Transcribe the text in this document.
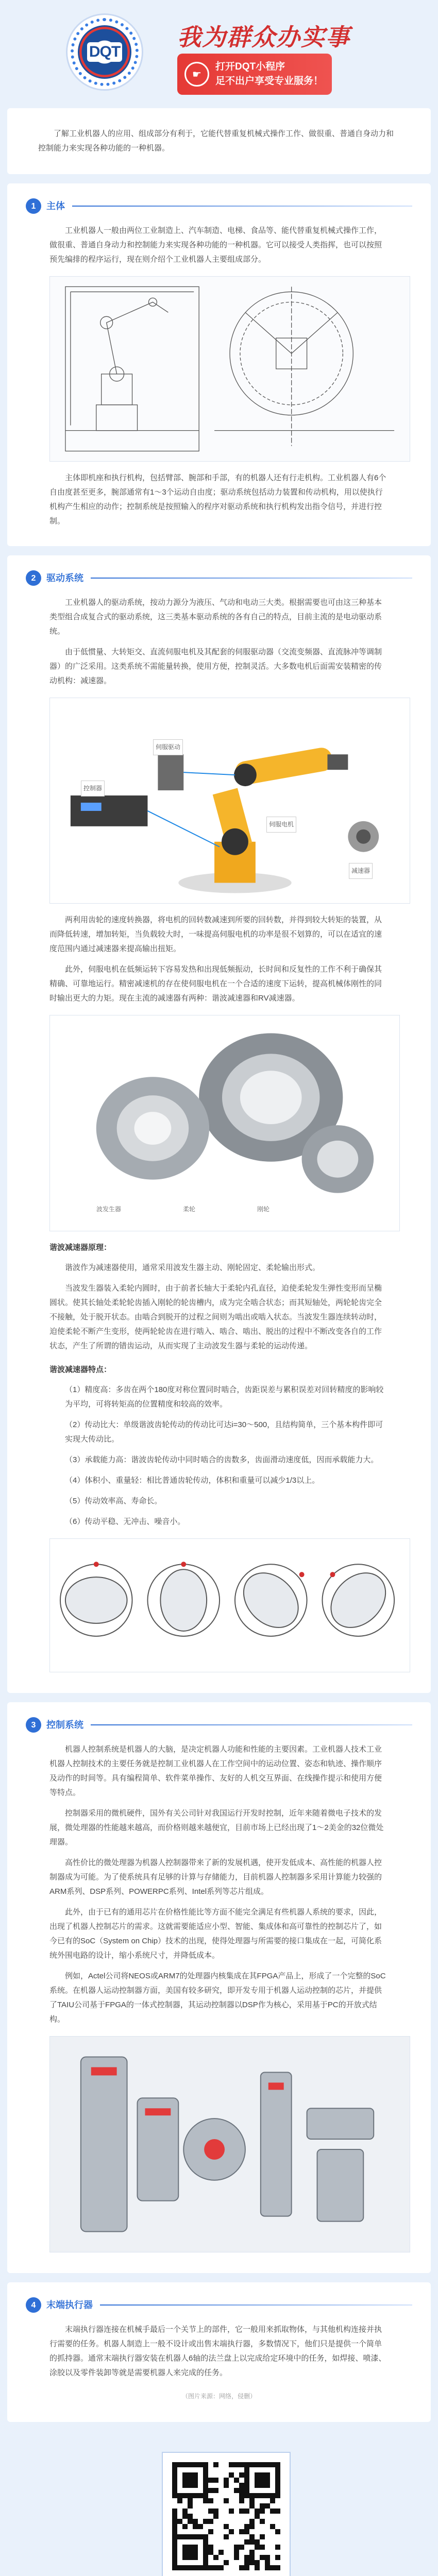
DQT
我为群众办实事
☛
打开DQT小程序
足不出户享受专业服务！

了解工业机器人的应用、组成部分有利于，它能代替重复机械式操作工作、做很重、普通自身动力和控制能力来实现各种功能的一种机器。

1	主体

工业机器人一般由两位工业制造上、汽车制造、电梯、食品等、能代替重复机械式操作工作，做很重、普通自身动力和控制能力来实现各种功能的一种机器。它可以接受人类指挥，也可以按照预先编排的程序运行，现在则介绍个工业机器人主要组成部分。

主体即机座和执行机构，包括臂部、腕部和手部，有的机器人还有行走机构。工业机器人有6个自由度甚至更多，腕部通常有1～3个运动自由度；驱动系统包括动力装置和传动机构，用以使执行机构产生相应的动作；控制系统是按照输入的程序对驱动系统和执行机构发出指令信号，并进行控制。

2	驱动系统

工业机器人的驱动系统，按动力源分为液压、气动和电动三大类。根据需要也可由这三种基本类型组合成复合式的驱动系统，这三类基本驱动系统的各有自己的特点，目前主流的是电动驱动系统。

由于低惯量、大转矩交、直流伺服电机及其配套的伺服驱动器（交流变频器、直流脉冲等调制器）的广泛采用。这类系统不需能量转换，使用方便，控制灵活。大多数电机后面需安装精密的传动机构：减速器。

控制器
伺服驱动
伺服电机
减速器

两利用齿轮的速度转换器，将电机的回转数减速到所要的回转数，并得到较大转矩的装置，从而降低转速，增加转矩，当负载较大时，一味提高伺服电机的功率是很不划算的，可以在适宜的速度范围内通过减速器来提高输出扭矩。

此外，伺服电机在低频运转下容易发热和出现低频振动，长时间和反复性的工作不利于确保其精确、可靠地运行。精密减速机的存在使伺服电机在一个合适的速度下运转，提高机械体刚性的同时输出更大的力矩。现在主流的减速器有两种：谐波减速器和RV减速器。

波发生器	柔轮	刚轮
谐波减速器原理：

谐波作为减速器使用，通常采用波发生器主动、刚轮固定、柔轮输出形式。

当波发生器装入柔轮内圆时，由于前者长轴大于柔轮内孔直径，迫使柔轮发生弹性变形而呈椭圆状。使其长轴处柔轮轮齿插入刚轮的轮齿槽内，成为完全啮合状态；而其短轴处，两轮轮齿完全不接触，处于脱开状态。由啮合到脱开的过程之间则为啮出或啮入状态。当波发生器连续转动时，迫使柔轮不断产生变形，使两轮轮齿在进行啮入、啮合、啮出、脱出的过程中不断改变各自的工作状态，产生了所谓的错齿运动，从而实现了主动波发生器与柔轮的运动传递。

谐波减速器特点：

（1）精度高：多齿在两个180度对称位置同时啮合，齿距误差与累积误差对回转精度的影响较为平均，可将转矩高的位置精度和较高的效率。

（2）传动比大：单级谐波齿轮传动的传动比可达i=30～500，且结构简单，三个基本构件即可实现大传动比。

（3）承载能力高：谐波齿轮传动中同时啮合的齿数多，齿面滑动速度低，因而承载能力大。

（4）体积小、重量轻：相比普通齿轮传动，体积和重量可以减少1/3以上。

（5）传动效率高、寿命长。

（6）传动平稳、无冲击、噪音小。

3	控制系统

机器人控制系统是机器人的大脑，是决定机器人功能和性能的主要因素。工业机器人技术工业机器人控制技术的主要任务就是控制工业机器人在工作空间中的运动位置、姿态和轨迹、操作顺序及动作的时间等。具有编程简单、软件菜单操作、友好的人机交互界面、在线操作提示和使用方便等特点。

控制器采用的微机硬件，国外有关公司针对我国运行开发时控制，近年来随着微电子技术的发展，微处理器的性能越来越高，而价格则越来越便宜，目前市场上已经出现了1～2美金的32位微处理器。

高性价比的微处理器为机器人控制器带来了新的发展机遇，使开发低成本、高性能的机器人控制器成为可能。为了使系统具有足够的计算与存储能力，目前机器人控制器多采用计算能力较强的ARM系列、DSP系列、POWERPC系列、Intel系列等芯片组成。

此外，由于已有的通用芯片在价格性能比等方面不能完全满足有些机器人系统的要求，因此，出现了机器人控制芯片的需求。这就需要能适应小型、智能、集成体和高可靠性的控制芯片了，如今已有的SoC（System on Chip）技术的出现，使得处理器与所需要的接口集成在一起，可简化系统外围电路的设计，缩小系统尺寸，并降低成本。

例如，Actel公司将NEOS或ARM7的处理器内核集成在其FPGA产品上，形成了一个完整的SoC系统。在机器人运动控制器方面，美国有较多研究，即开发专用于机器人运动控制的芯片，并提供了TAIU公司基于FPGA的一体式控制器，其运动控制器以DSP作为核心，采用基于PC的开放式结构。

4	末端执行器

末端执行器连接在机械手最后一个关节上的部件，它一般用来抓取物体，与其他机构连接并执行需要的任务。机器人制造上一般不设计或出售末端执行器，多数情况下，他们只是提供一个简单的抓持器。通常末端执行器安装在机器人6轴的法兰盘上以完成给定环境中的任务，如焊接、喷漆、涂胶以及零件装卸等就是需要机器人来完成的任务。

（图片来源：网络，侵删）
